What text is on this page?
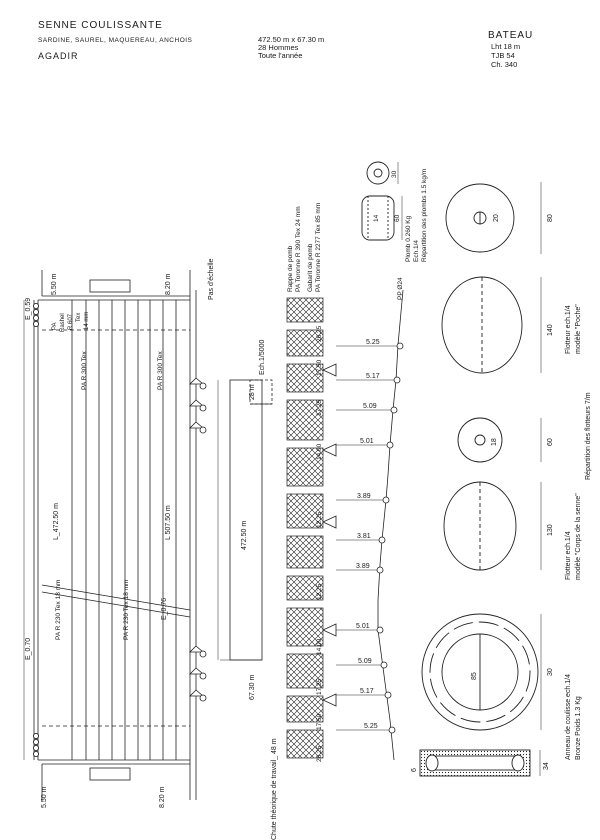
SENNE COULISSANTE
SARDINE, SAUREL, MAQUEREAU, ANCHOIS
AGADIR
472.50 m x 67.30 m
28 Hommes
Toute l'année
BATEAU
Lht 18 m
TJB 54
Ch. 340
E_0.59
5.50 m	8.20 m
PA Rashel R 607 Tex 14 mm
PA R 300 Tex	PA R 300 Tex
L_472.50 m	L 507.50 m
PA R 230 Tex 18 mm	PA R 230 Tex 18 mm
E_0.70
E_0.76
5.50 m	8.20 m
Pas d'échelle
Ech.1/5000
28 m
472.50 m
67.30 m
Chute théorique de travail_ 48 m
5.25
5.17
5.09
5.01
3.89
3.81
3.89
5.01
5.09
5.17
5.25
26.25
17.50
17.25
14.00
12.25
12.25
14.00
17.25
17.50
26.25
Rappe de pomb PA Toronne R 390 Tex 24 mm Gabarit de pomb PA Toronne R 2277 Tex 85 mm	PP Ø24
30
60
14	Plomb 0.260 Kg Ech.1/4 Répartition des plombs 1.5 kg/m	80
20
140 Flotteur ech.1/4 modèle "Poche"
Répartition des flotteurs 7/m
60
18
130
Flotteur ech.1/4 modèle "Corps de la senne"
85
30
Anneau de coulisse ech.1/4 Bronze Poids 1.3 Kg
6
34
